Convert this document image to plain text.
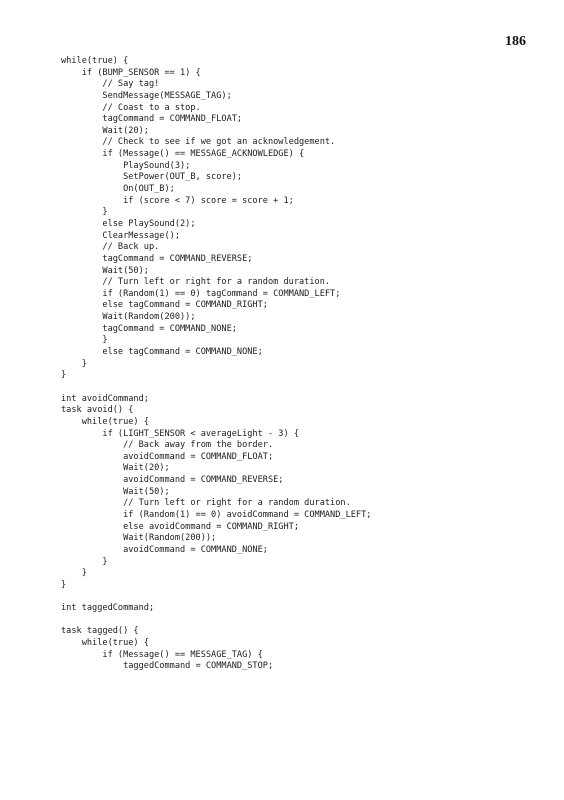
186
while(true) {
if (BUMP_SENSOR == 1) {
// Say tag!
SendMessage(MESSAGE_TAG);
// Coast to a stop.
tagCommand = COMMAND_FLOAT;
Wait(20);
// Check to see if we got an acknowledgement.
if (Message() == MESSAGE_ACKNOWLEDGE) {
PlaySound(3);
SetPower(OUT_B, score);
On(OUT_B);
if (score < 7) score = score + 1;
}
else PlaySound(2);
ClearMessage();
// Back up.
tagCommand = COMMAND_REVERSE;
Wait(50);
// Turn left or right for a random duration.
if (Random(1) == 0) tagCommand = COMMAND_LEFT;
else tagCommand = COMMAND_RIGHT;
Wait(Random(200));
tagCommand = COMMAND_NONE;
}
else tagCommand = COMMAND_NONE;
}
}
int avoidCommand;
task avoid() {
while(true) {
if (LIGHT_SENSOR < averageLight - 3) {
// Back away from the border.
avoidCommand = COMMAND_FLOAT;
Wait(20);
avoidCommand = COMMAND_REVERSE;
Wait(50);
// Turn left or right for a random duration.
if (Random(1) == 0) avoidCommand = COMMAND_LEFT;
else avoidCommand = COMMAND_RIGHT;
Wait(Random(200));
avoidCommand = COMMAND_NONE;
}
}
}
int taggedCommand;
task tagged() {
while(true) {
if (Message() == MESSAGE_TAG) {
taggedCommand = COMMAND_STOP;
